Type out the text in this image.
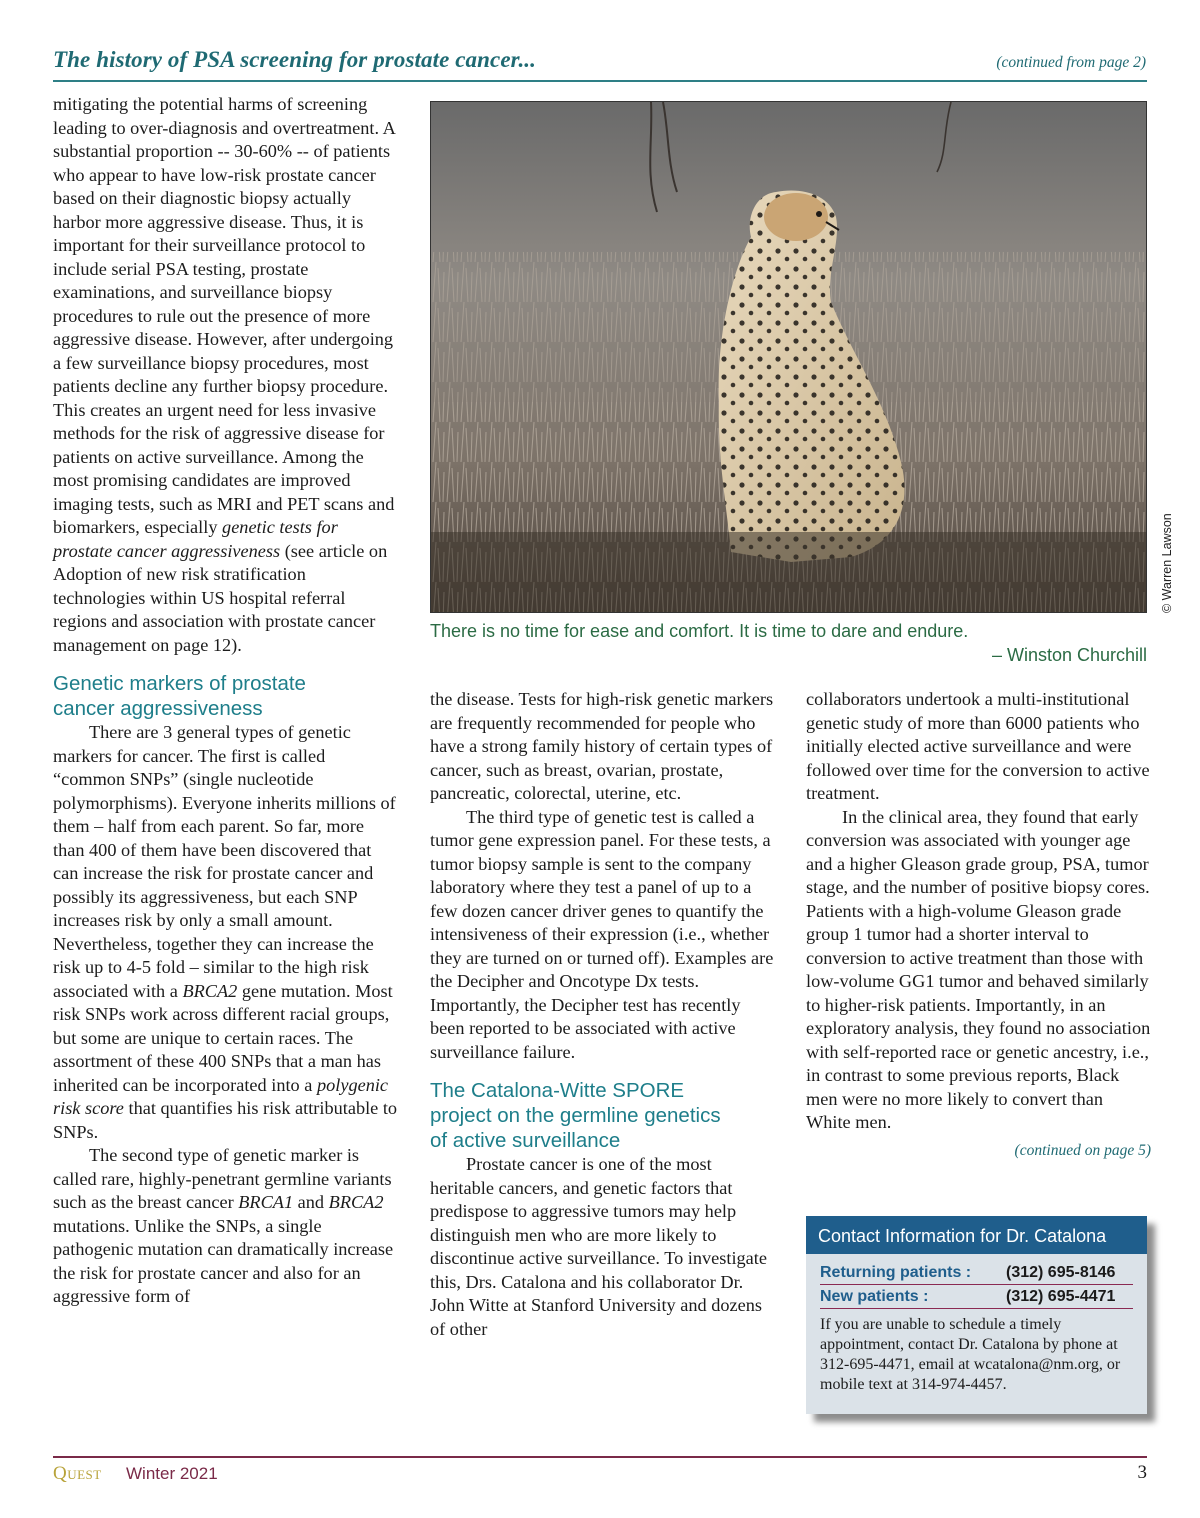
The history of PSA screening for prostate cancer...	(continued from page 2)

mitigating the potential harms of screening leading to over-diagnosis and overtreatment. A substantial proportion -- 30-60% -- of patients who appear to have low-risk prostate cancer based on their diagnostic biopsy actually harbor more aggressive disease. Thus, it is important for their surveillance protocol to include serial PSA testing, prostate examinations, and surveillance biopsy procedures to rule out the presence of more aggressive disease. However, after undergoing a few surveillance biopsy procedures, most patients decline any further biopsy procedure. This creates an urgent need for less invasive methods for the risk of aggressive disease for patients on active surveillance. Among the most promising candidates are improved imaging tests, such as MRI and PET scans and biomarkers, especially genetic tests for prostate cancer aggressiveness (see article on Adoption of new risk stratification technologies within US hospital referral regions and association with prostate cancer management on page 12).

Genetic markers of prostate
cancer aggressiveness

There are 3 general types of genetic markers for cancer. The first is called “common SNPs” (single nucleotide polymorphisms). Everyone inherits millions of them – half from each parent. So far, more than 400 of them have been discovered that can increase the risk for prostate cancer and possibly its aggressiveness, but each SNP increases risk by only a small amount. Nevertheless, together they can increase the risk up to 4-5 fold – similar to the high risk associated with a BRCA2 gene mutation. Most risk SNPs work across different racial groups, but some are unique to certain races. The assortment of these 400 SNPs that a man has inherited can be incorporated into a polygenic risk score that quantifies his risk attributable to SNPs.

The second type of genetic marker is called rare, highly-penetrant germline variants such as the breast cancer BRCA1 and BRCA2 mutations. Unlike the SNPs, a single pathogenic mutation can dramatically increase the risk for prostate cancer and also for an aggressive form of

© Warren Lawson
There is no time for ease and comfort. It is time to dare and endure.
– Winston Churchill

the disease. Tests for high-risk genetic markers are frequently recommended for people who have a strong family history of certain types of cancer, such as breast, ovarian, prostate, pancreatic, colorectal, uterine, etc.

The third type of genetic test is called a tumor gene expression panel. For these tests, a tumor biopsy sample is sent to the company laboratory where they test a panel of up to a few dozen cancer driver genes to quantify the intensiveness of their expression (i.e., whether they are turned on or turned off). Examples are the Decipher and Oncotype Dx tests. Importantly, the Decipher test has recently been reported to be associated with active surveillance failure.

The Catalona-Witte SPORE
project on the germline genetics
of active surveillance

Prostate cancer is one of the most heritable cancers, and genetic factors that predispose to aggressive tumors may help distinguish men who are more likely to discontinue active surveillance. To investigate this, Drs. Catalona and his collaborator Dr. John Witte at Stanford University and dozens of other

collaborators undertook a multi-institutional genetic study of more than 6000 patients who initially elected active surveillance and were followed over time for the conversion to active treatment.

In the clinical area, they found that early conversion was associated with younger age and a higher Gleason grade group, PSA, tumor stage, and the number of positive biopsy cores. Patients with a high-volume Gleason grade group 1 tumor had a shorter interval to conversion to active treatment than those with low-volume GG1 tumor and behaved similarly to higher-risk patients. Importantly, in an exploratory analysis, they found no association with self-reported race or genetic ancestry, i.e., in contrast to some previous reports, Black men were no more likely to convert than White men.

(continued on page 5)
Contact Information for Dr. Catalona
Returning patients :	(312) 695-8146
New patients :	(312) 695-4471

If you are unable to schedule a timely appointment, contact Dr. Catalona by phone at 312-695-4471, email at wcatalona@nm.org, or mobile text at 314-974-4457.

Quest Winter 2021	3
